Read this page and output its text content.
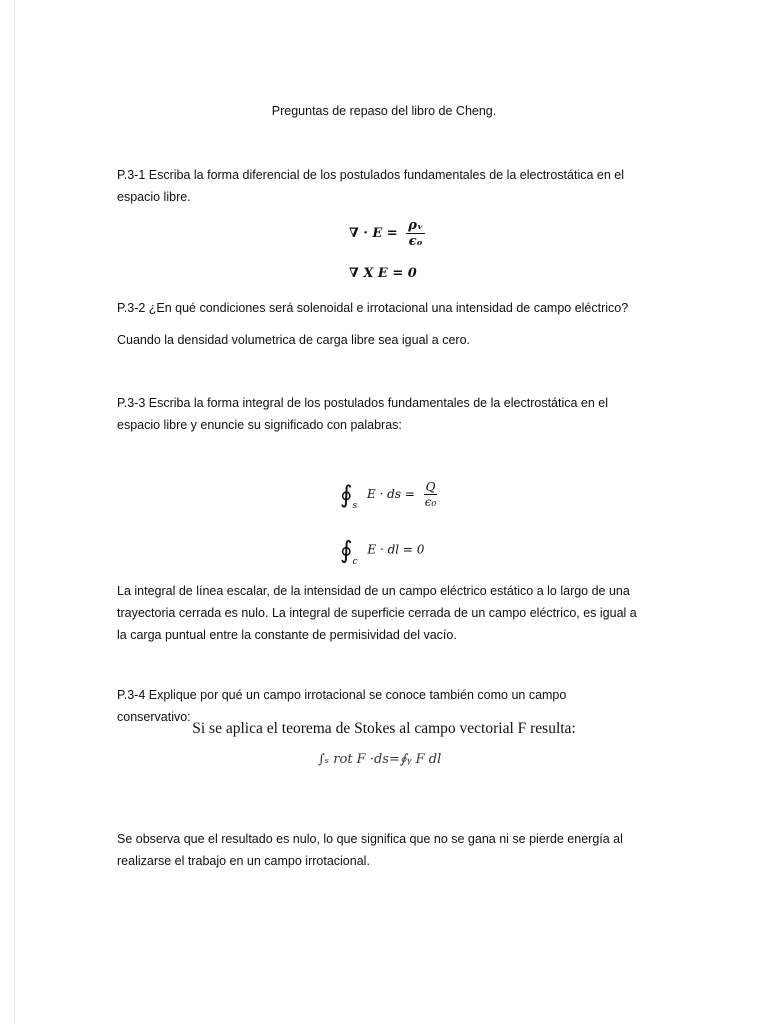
Preguntas de repaso del libro de Cheng.

P.3-1 Escriba la forma diferencial de los postulados fundamentales de la electrostática en el espacio libre.

∇ · $E = \frac{\text{ρᵥ}}{\text{ϵₒ}}$
∇ X E = 0

P.3-2 ¿En qué condiciones será solenoidal e irrotacional una intensidad de campo eléctrico?

Cuando la densidad volumetrica de carga libre sea igual a cero.

P.3-3 Escriba la forma integral de los postulados fundamentales de la electrostática en el espacio libre y enuncie su significado con palabras:

$∮_s$ E · ds = $\frac{Q}{\text{ϵ₀}}$
$∮_c$ E · dl = 0

La integral de línea escalar, de la intensidad de un campo eléctrico estático a lo largo de una trayectoria cerrada es nulo. La integral de superficie cerrada de un campo eléctrico, es igual a la carga puntual entre la constante de permisividad del vacío.

P.3-4 Explique por qué un campo irrotacional se conoce también como un campo conservativo:

Si se aplica el teorema de Stokes al campo vectorial F resulta:
∫ₛ rot F ·ds=∮ᵧ F dl

Se observa que el resultado es nulo, lo que significa que no se gana ni se pierde energía al realizarse el trabajo en un campo irrotacional.
